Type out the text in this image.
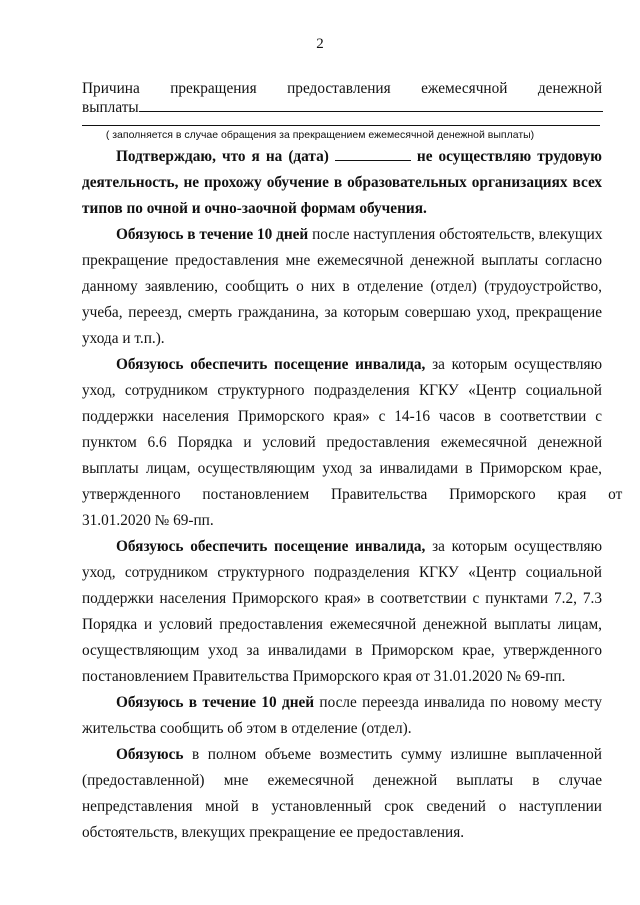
2
Причина прекращения предоставления ежемесячной денежной
выплаты
( заполняется в случае обращения за прекращением ежемесячной денежной выплаты)
Подтверждаю, что я на (дата)	не осуществляю трудовую
деятельность, не прохожу обучение в образовательных организациях всех
типов по очной и очно-заочной формам обучения.
Обязуюсь в течение 10 дней после наступления обстоятельств, влекущих
прекращение предоставления мне ежемесячной денежной выплаты согласно
данному заявлению, сообщить о них в отделение (отдел) (трудоустройство,
учеба, переезд, смерть гражданина, за которым совершаю уход, прекращение
ухода и т.п.).
Обязуюсь обеспечить посещение инвалида, за которым осуществляю
уход, сотрудником структурного подразделения КГКУ «Центр социальной
поддержки населения Приморского края» с 14-16 часов в соответствии с
пунктом 6.6 Порядка и условий предоставления ежемесячной денежной
выплаты лицам, осуществляющим уход за инвалидами в Приморском крае,
утвержденного постановлением Правительства Приморского края от
31.01.2020 № 69-пп.
Обязуюсь обеспечить посещение инвалида, за которым осуществляю
уход, сотрудником структурного подразделения КГКУ «Центр социальной
поддержки населения Приморского края» в соответствии с пунктами 7.2, 7.3
Порядка и условий предоставления ежемесячной денежной выплаты лицам,
осуществляющим уход за инвалидами в Приморском крае, утвержденного
постановлением Правительства Приморского края от 31.01.2020 № 69-пп.
Обязуюсь в течение 10 дней после переезда инвалида по новому месту
жительства сообщить об этом в отделение (отдел).
Обязуюсь в полном объеме возместить сумму излишне выплаченной
(предоставленной) мне ежемесячной денежной выплаты в случае
непредставления мной в установленный срок сведений о наступлении
обстоятельств, влекущих прекращение ее предоставления.
